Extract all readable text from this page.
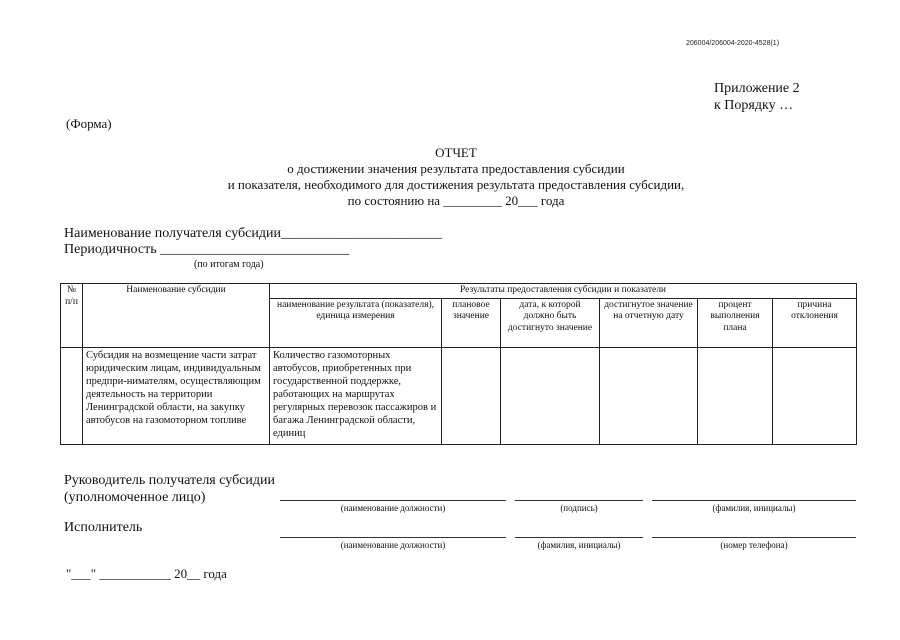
206004/206004-2020-4528(1)
Приложение 2
к Порядку …
(Форма)
ОТЧЕТ
о достижении значения результата предоставления субсидии
и показателя, необходимого для достижения результата предоставления субсидии,
по состоянию на _________ 20___ года
Наименование получателя субсидии_______________________
Периодичность ___________________________
(по итогам года)
№ п/п	Наименование субсидии	Результаты предоставления субсидии и показатели					
		наименование результата (показателя), единица измерения	плановое значение	дата, к которой должно быть достигнуто значение	достигнутое значение на отчетную дату	процент выполнения плана	причина отклонения
	Субсидия на возмещение части затрат юридическим лицам, индивидуальным предпри-нимателям, осуществляющим деятельность на территории Ленинградской области, на закупку автобусов на газомоторном топливе	Количество газомоторных автобусов, приобретенных при государственной поддержке, работающих на маршрутах регулярных перевозок пассажиров и багажа Ленинградской области, единиц					
Руководитель получателя субсидии
(уполномоченное лицо)
(наименование должности)	(подпись)	(фамилия, инициалы)
Исполнитель
(наименование должности)	(фамилия, инициалы)	(номер телефона)
"___" ___________ 20__ года
